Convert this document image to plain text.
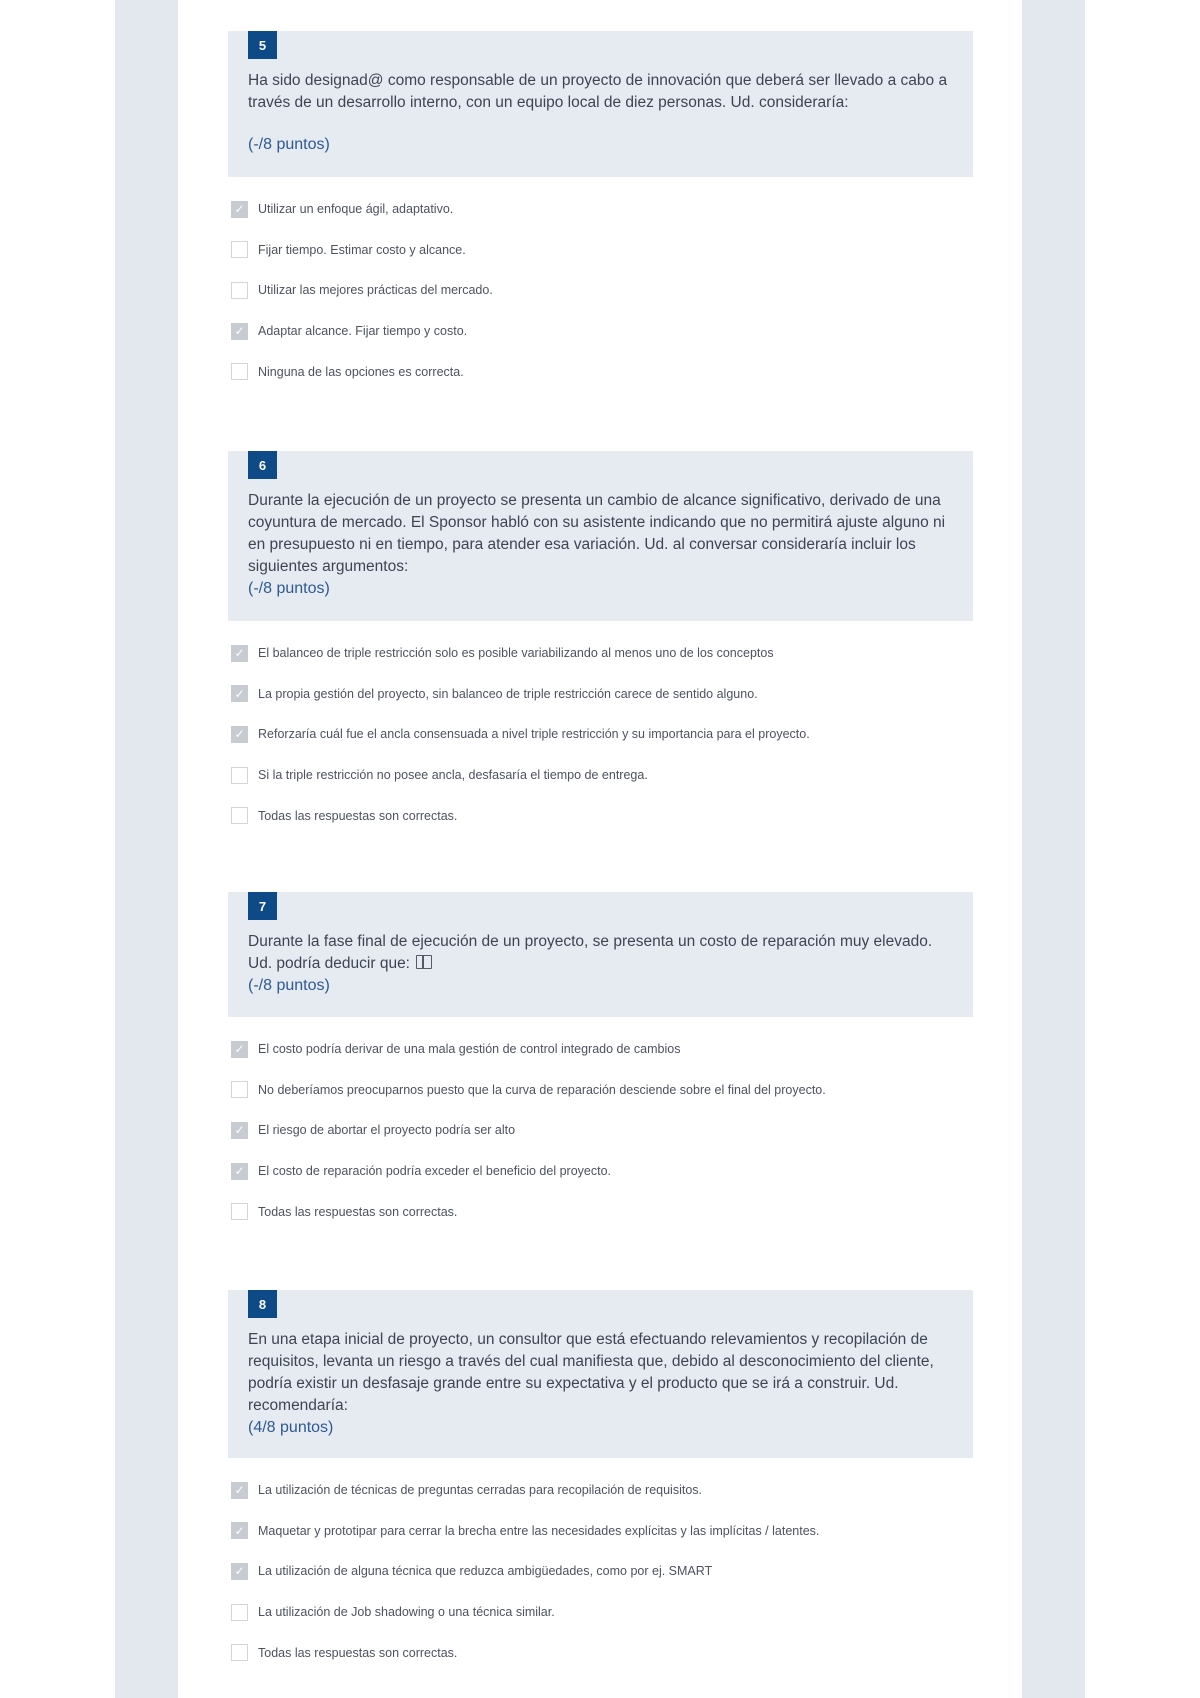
5
Ha sido designad@ como responsable de un proyecto de innovación que deberá ser llevado a cabo a través de un desarrollo interno, con un equipo local de diez personas. Ud. consideraría:
(-/8 puntos)
✓ Utilizar un enfoque ágil, adaptativo.
Fijar tiempo. Estimar costo y alcance.
Utilizar las mejores prácticas del mercado.
✓ Adaptar alcance. Fijar tiempo y costo.
Ninguna de las opciones es correcta.
6
Durante la ejecución de un proyecto se presenta un cambio de alcance significativo, derivado de una coyuntura de mercado. El Sponsor habló con su asistente indicando que no permitirá ajuste alguno ni en presupuesto ni en tiempo, para atender esa variación. Ud. al conversar consideraría incluir los siguientes argumentos:
(-/8 puntos)
✓ El balanceo de triple restricción solo es posible variabilizando al menos uno de los conceptos
✓ La propia gestión del proyecto, sin balanceo de triple restricción carece de sentido alguno.
✓ Reforzaría cuál fue el ancla consensuada a nivel triple restricción y su importancia para el proyecto.
Si la triple restricción no posee ancla, desfasaría el tiempo de entrega.
Todas las respuestas son correctas.
7
Durante la fase final de ejecución de un proyecto, se presenta un costo de reparación muy elevado. Ud. podría deducir que:
(-/8 puntos)
✓ El costo podría derivar de una mala gestión de control integrado de cambios
No deberíamos preocuparnos puesto que la curva de reparación desciende sobre el final del proyecto.
✓ El riesgo de abortar el proyecto podría ser alto
✓ El costo de reparación podría exceder el beneficio del proyecto.
Todas las respuestas son correctas.
8
En una etapa inicial de proyecto, un consultor que está efectuando relevamientos y recopilación de requisitos, levanta un riesgo a través del cual manifiesta que, debido al desconocimiento del cliente, podría existir un desfasaje grande entre su expectativa y el producto que se irá a construir. Ud. recomendaría:
(4/8 puntos)
✓ La utilización de técnicas de preguntas cerradas para recopilación de requisitos.
✓ Maquetar y prototipar para cerrar la brecha entre las necesidades explícitas y las implícitas / latentes.
✓ La utilización de alguna técnica que reduzca ambigüedades, como por ej. SMART
La utilización de Job shadowing o una técnica similar.
Todas las respuestas son correctas.
